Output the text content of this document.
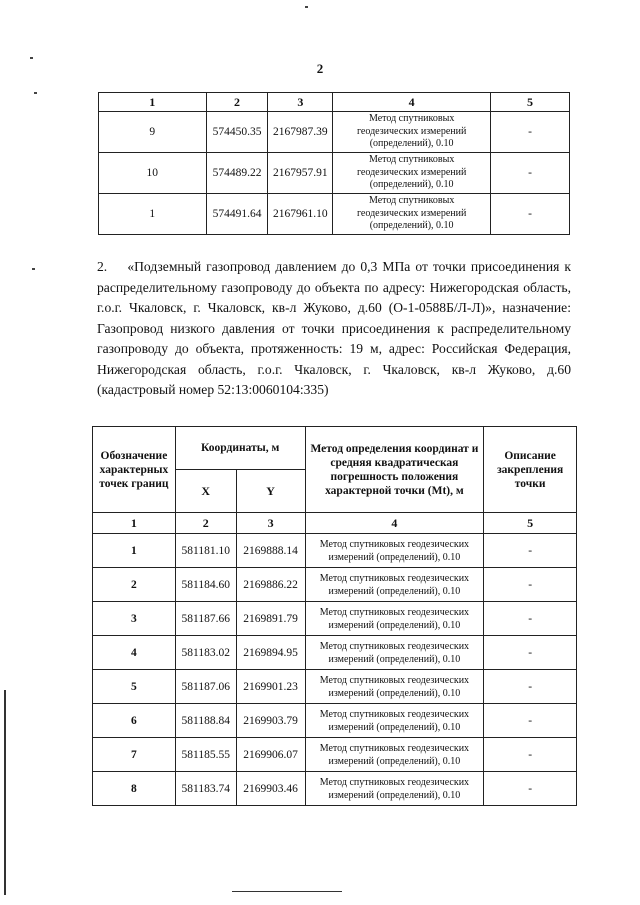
2
1	2	3	4	5
9	574450.35	2167987.39	Метод спутниковых геодезических измерений (определений), 0.10	-
10	574489.22	2167957.91	Метод спутниковых геодезических измерений (определений), 0.10	-
1	574491.64	2167961.10	Метод спутниковых геодезических измерений (определений), 0.10	-
2.    «Подземный газопровод давлением до 0,3 МПа от точки присоединения к распределительному газопроводу до объекта по адресу: Нижегородская область, г.о.г. Чкаловск, г. Чкаловск, кв-л Жуково, д.60 (О-1-0588Б/Л-Л)», назначение: Газопровод низкого давления от точки присоединения к распределительному газопроводу до объекта, протяженность: 19 м, адрес: Российская Федерация, Нижегородская область, г.о.г. Чкаловск, г. Чкаловск, кв-л Жуково, д.60 (кадастровый номер 52:13:0060104:335)
Обозначение характерных точек границ	Координаты, м		Метод определения координат и средняя квадратическая погрешность положения характерной точки (Mt), м	Описание закрепления точки
	X	Y		
1	2	3	4	5
1	581181.10	2169888.14	Метод спутниковых геодезических измерений (определений), 0.10	-
2	581184.60	2169886.22	Метод спутниковых геодезических измерений (определений), 0.10	-
3	581187.66	2169891.79	Метод спутниковых геодезических измерений (определений), 0.10	-
4	581183.02	2169894.95	Метод спутниковых геодезических измерений (определений), 0.10	-
5	581187.06	2169901.23	Метод спутниковых геодезических измерений (определений), 0.10	-
6	581188.84	2169903.79	Метод спутниковых геодезических измерений (определений), 0.10	-
7	581185.55	2169906.07	Метод спутниковых геодезических измерений (определений), 0.10	-
8	581183.74	2169903.46	Метод спутниковых геодезических измерений (определений), 0.10	-
